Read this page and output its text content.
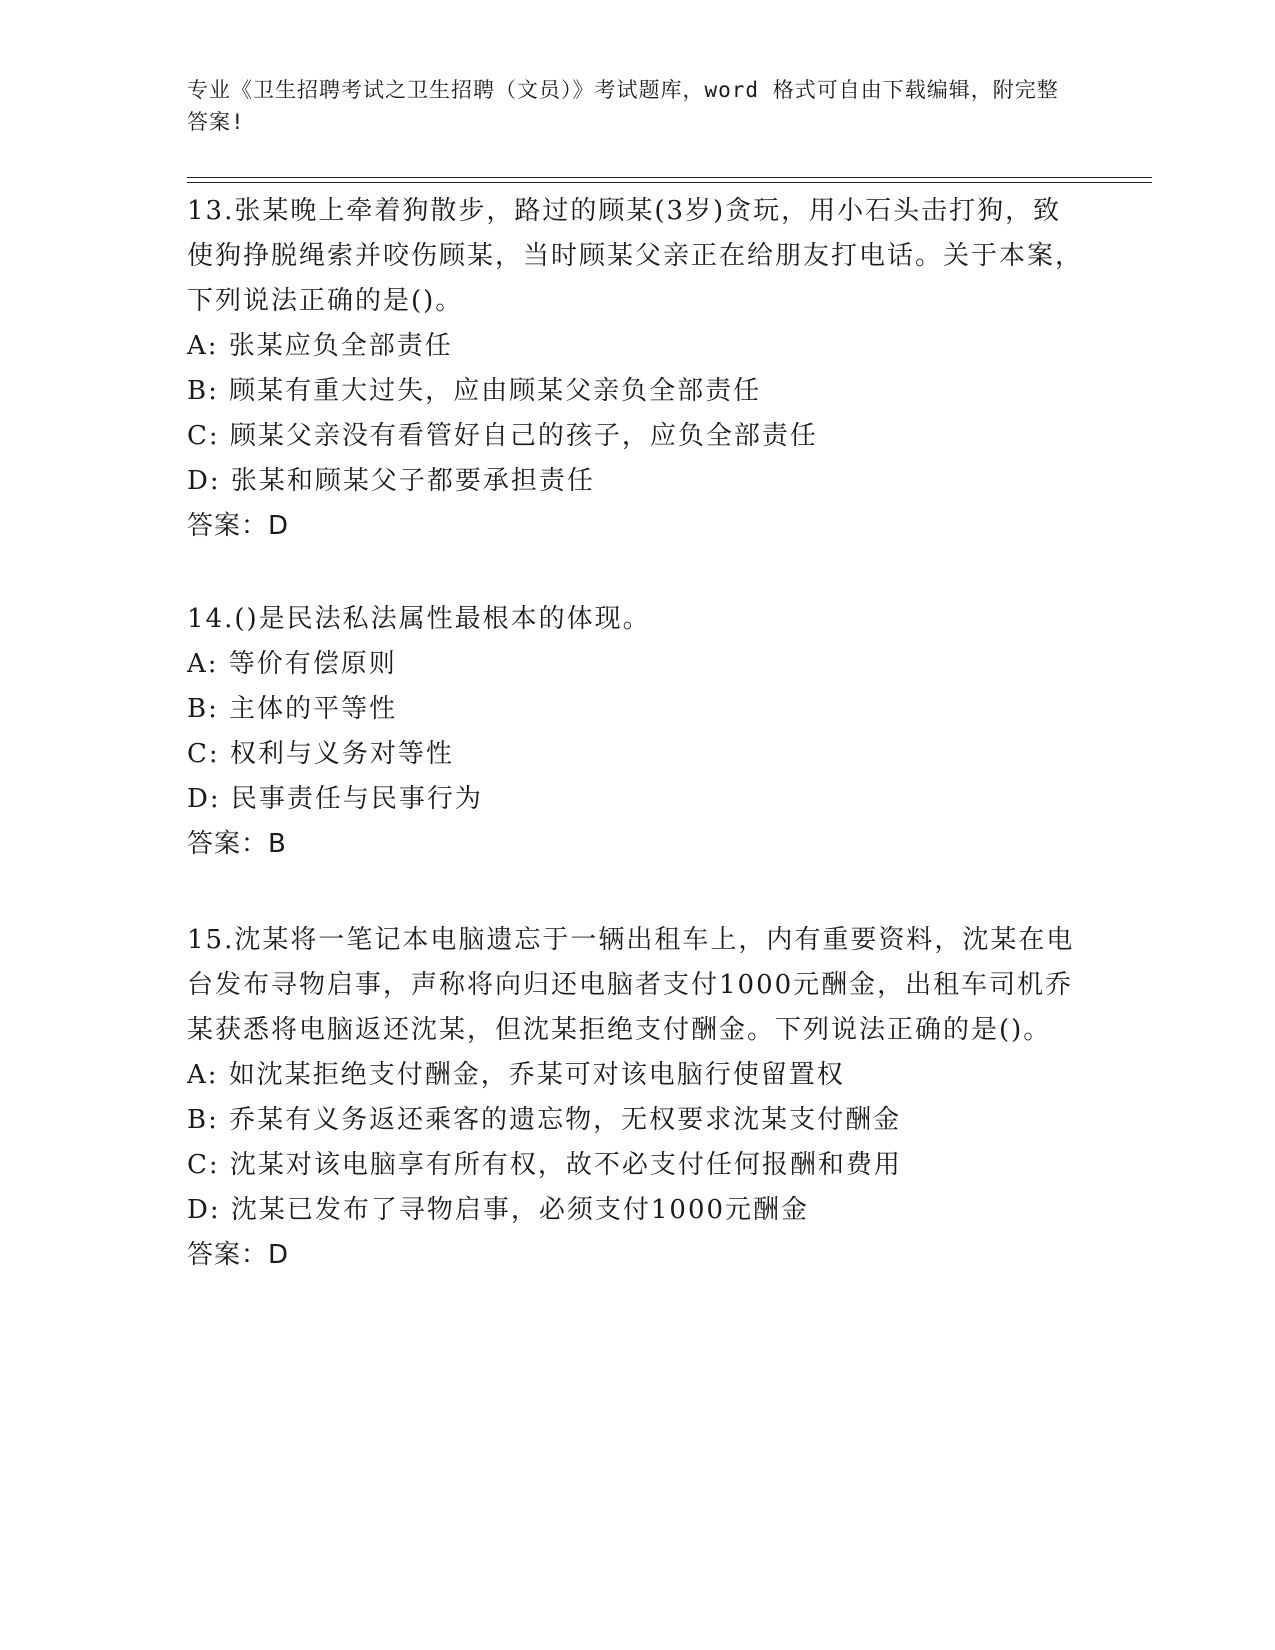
专业《卫生招聘考试之卫生招聘（文员）》考试题库，word 格式可自由下载编辑，附完整答案!
13.张某晚上牵着狗散步，路过的顾某(3岁)贪玩，用小石头击打狗，致使狗挣脱绳索并咬伤顾某，当时顾某父亲正在给朋友打电话。关于本案，下列说法正确的是()。
A: 张某应负全部责任
B: 顾某有重大过失，应由顾某父亲负全部责任
C: 顾某父亲没有看管好自己的孩子，应负全部责任
D: 张某和顾某父子都要承担责任
答案：D
14.()是民法私法属性最根本的体现。
A: 等价有偿原则
B: 主体的平等性
C: 权利与义务对等性
D: 民事责任与民事行为
答案：B
15.沈某将一笔记本电脑遗忘于一辆出租车上，内有重要资料，沈某在电台发布寻物启事，声称将向归还电脑者支付1000元酬金，出租车司机乔某获悉将电脑返还沈某，但沈某拒绝支付酬金。下列说法正确的是()。
A: 如沈某拒绝支付酬金，乔某可对该电脑行使留置权
B: 乔某有义务返还乘客的遗忘物，无权要求沈某支付酬金
C: 沈某对该电脑享有所有权，故不必支付任何报酬和费用
D: 沈某已发布了寻物启事，必须支付1000元酬金
答案：D
